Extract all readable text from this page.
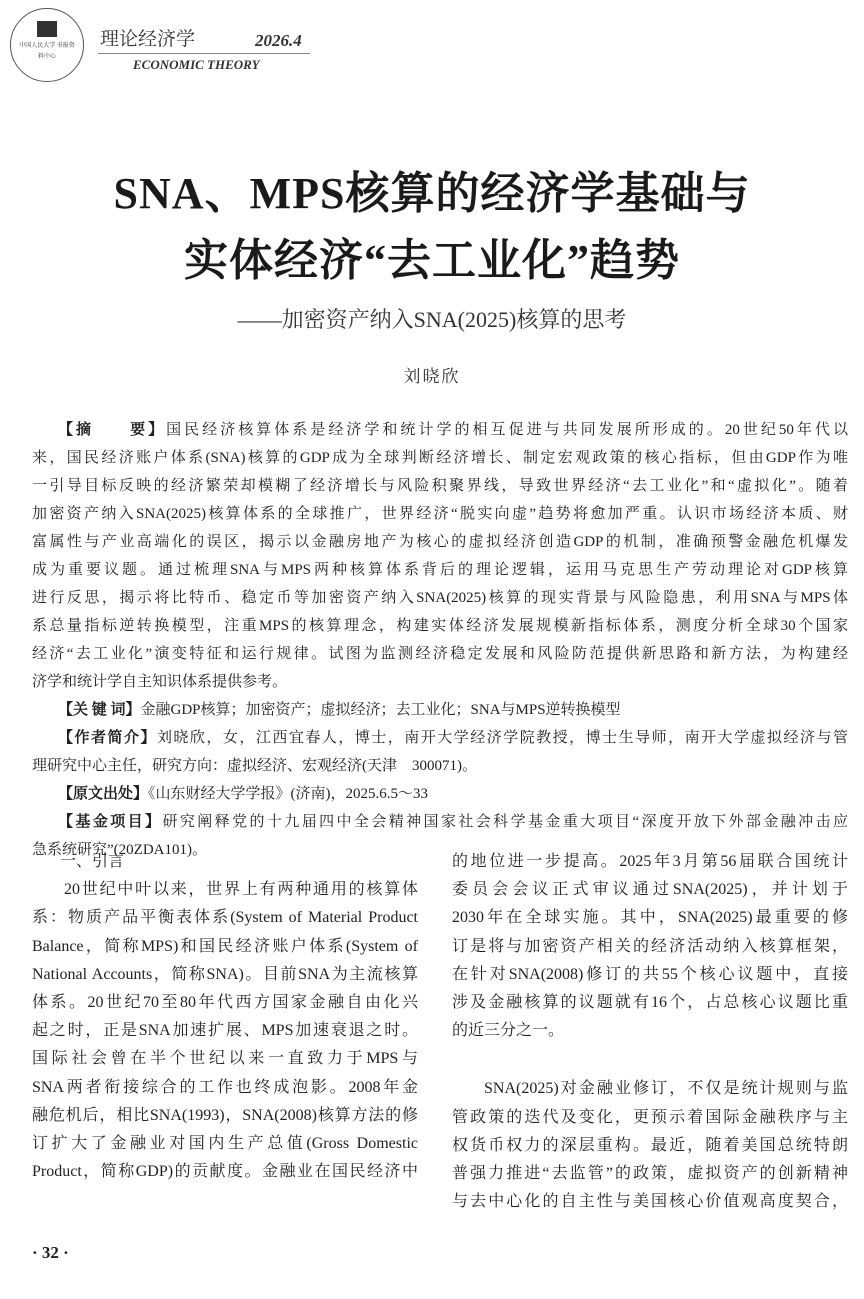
中国人民大学 书报资料中心
理论经济学	2026.4
ECONOMIC THEORY
SNA、MPS核算的经济学基础与
实体经济“去工业化”趋势
——加密资产纳入SNA(2025)核算的思考
刘晓欣
【摘　　要】国民经济核算体系是经济学和统计学的相互促进与共同发展所形成的。20世纪50年代以
来，国民经济账户体系(SNA)核算的GDP成为全球判断经济增长、制定宏观政策的核心指标，但由GDP作为唯
一引导目标反映的经济繁荣却模糊了经济增长与风险积聚界线，导致世界经济“去工业化”和“虚拟化”。随着
加密资产纳入SNA(2025)核算体系的全球推广，世界经济“脱实向虚”趋势将愈加严重。认识市场经济本质、财
富属性与产业高端化的误区，揭示以金融房地产为核心的虚拟经济创造GDP的机制，准确预警金融危机爆发
成为重要议题。通过梳理SNA与MPS两种核算体系背后的理论逻辑，运用马克思生产劳动理论对GDP核算
进行反思，揭示将比特币、稳定币等加密资产纳入SNA(2025)核算的现实背景与风险隐患，利用SNA与MPS体
系总量指标逆转换模型，注重MPS的核算理念，构建实体经济发展规模新指标体系，测度分析全球30个国家
经济“去工业化”演变特征和运行规律。试图为监测经济稳定发展和风险防范提供新思路和新方法，为构建经
济学和统计学自主知识体系提供参考。
【关 键 词】金融GDP核算；加密资产；虚拟经济；去工业化；SNA与MPS逆转换模型
【作者简介】刘晓欣，女，江西宜春人，博士，南开大学经济学院教授，博士生导师，南开大学虚拟经济与管
理研究中心主任，研究方向：虚拟经济、宏观经济(天津　300071)。
【原文出处】《山东财经大学学报》(济南)，2025.6.5～33
【基金项目】研究阐释党的十九届四中全会精神国家社会科学基金重大项目“深度开放下外部金融冲击应
急系统研究”(20ZDA101)。
一、引言
20世纪中叶以来，世界上有两种通用的核算体
系：物质产品平衡表体系(System of Material Product
Balance，简称MPS)和国民经济账户体系(System of
National Accounts，简称SNA)。目前SNA为主流核算
体系。20世纪70至80年代西方国家金融自由化兴
起之时，正是SNA加速扩展、MPS加速衰退之时。
国际社会曾在半个世纪以来一直致力于MPS与
SNA两者衔接综合的工作也终成泡影。2008年金
融危机后，相比SNA(1993)，SNA(2008)核算方法的修
订扩大了金融业对国内生产总值(Gross Domestic
Product，简称GDP)的贡献度。金融业在国民经济中
的地位进一步提高。2025年3月第56届联合国统计
委员会会议正式审议通过SNA(2025)，并计划于
2030年在全球实施。其中，SNA(2025)最重要的修
订是将与加密资产相关的经济活动纳入核算框架，
在针对SNA(2008)修订的共55个核心议题中，直接
涉及金融核算的议题就有16个，占总核心议题比重
的近三分之一。
SNA(2025)对金融业修订，不仅是统计规则与监
管政策的迭代及变化，更预示着国际金融秩序与主
权货币权力的深层重构。最近，随着美国总统特朗
普强力推进“去监管”的政策，虚拟资产的创新精神
与去中心化的自主性与美国核心价值观高度契合，
· 32 ·
